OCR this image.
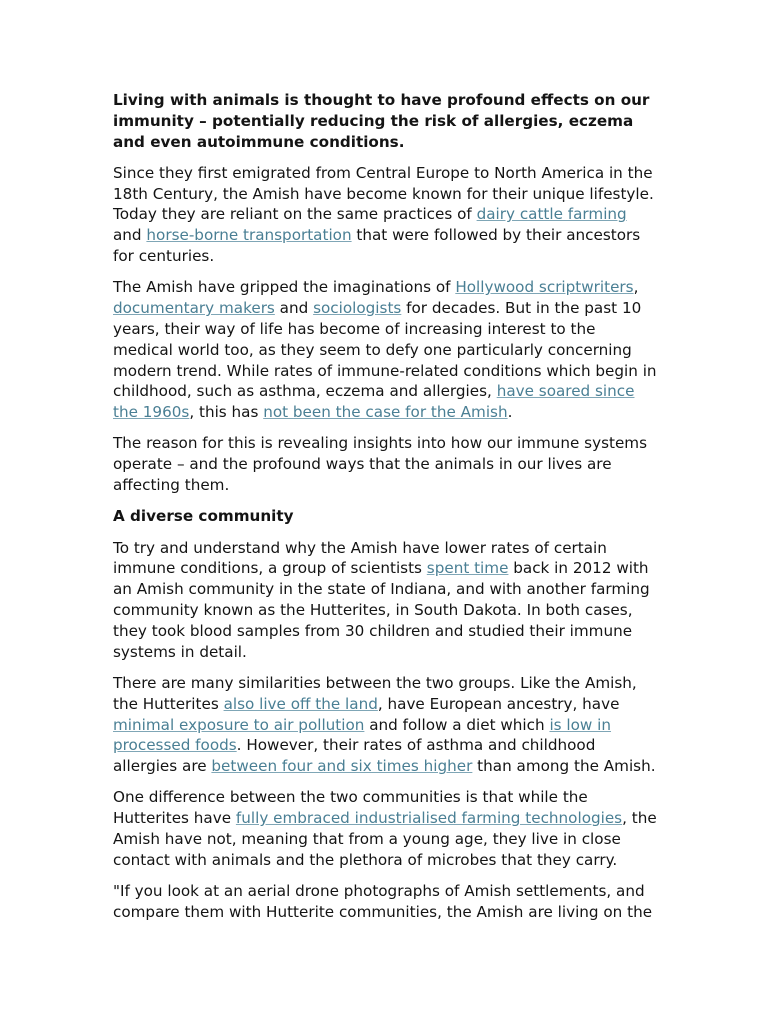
Living with animals is thought to have profound effects on our immunity – potentially reducing the risk of allergies, eczema and even autoimmune conditions.

Since they first emigrated from Central Europe to North America in the 18th Century, the Amish have become known for their unique lifestyle. Today they are reliant on the same practices of dairy cattle farming and horse-borne transportation that were followed by their ancestors for centuries.

The Amish have gripped the imaginations of Hollywood scriptwriters, documentary makers and sociologists for decades. But in the past 10 years, their way of life has become of increasing interest to the medical world too, as they seem to defy one particularly concerning modern trend. While rates of immune-related conditions which begin in childhood, such as asthma, eczema and allergies, have soared since the 1960s, this has not been the case for the Amish.

The reason for this is revealing insights into how our immune systems operate – and the profound ways that the animals in our lives are affecting them.

A diverse community

To try and understand why the Amish have lower rates of certain immune conditions, a group of scientists spent time back in 2012 with an Amish community in the state of Indiana, and with another farming community known as the Hutterites, in South Dakota. In both cases, they took blood samples from 30 children and studied their immune systems in detail.

There are many similarities between the two groups. Like the Amish, the Hutterites also live off the land, have European ancestry, have minimal exposure to air pollution and follow a diet which is low in processed foods. However, their rates of asthma and childhood allergies are between four and six times higher than among the Amish.

One difference between the two communities is that while the Hutterites have fully embraced industrialised farming technologies, the Amish have not, meaning that from a young age, they live in close contact with animals and the plethora of microbes that they carry.

"If you look at an aerial drone photographs of Amish settlements, and compare them with Hutterite communities, the Amish are living on the
